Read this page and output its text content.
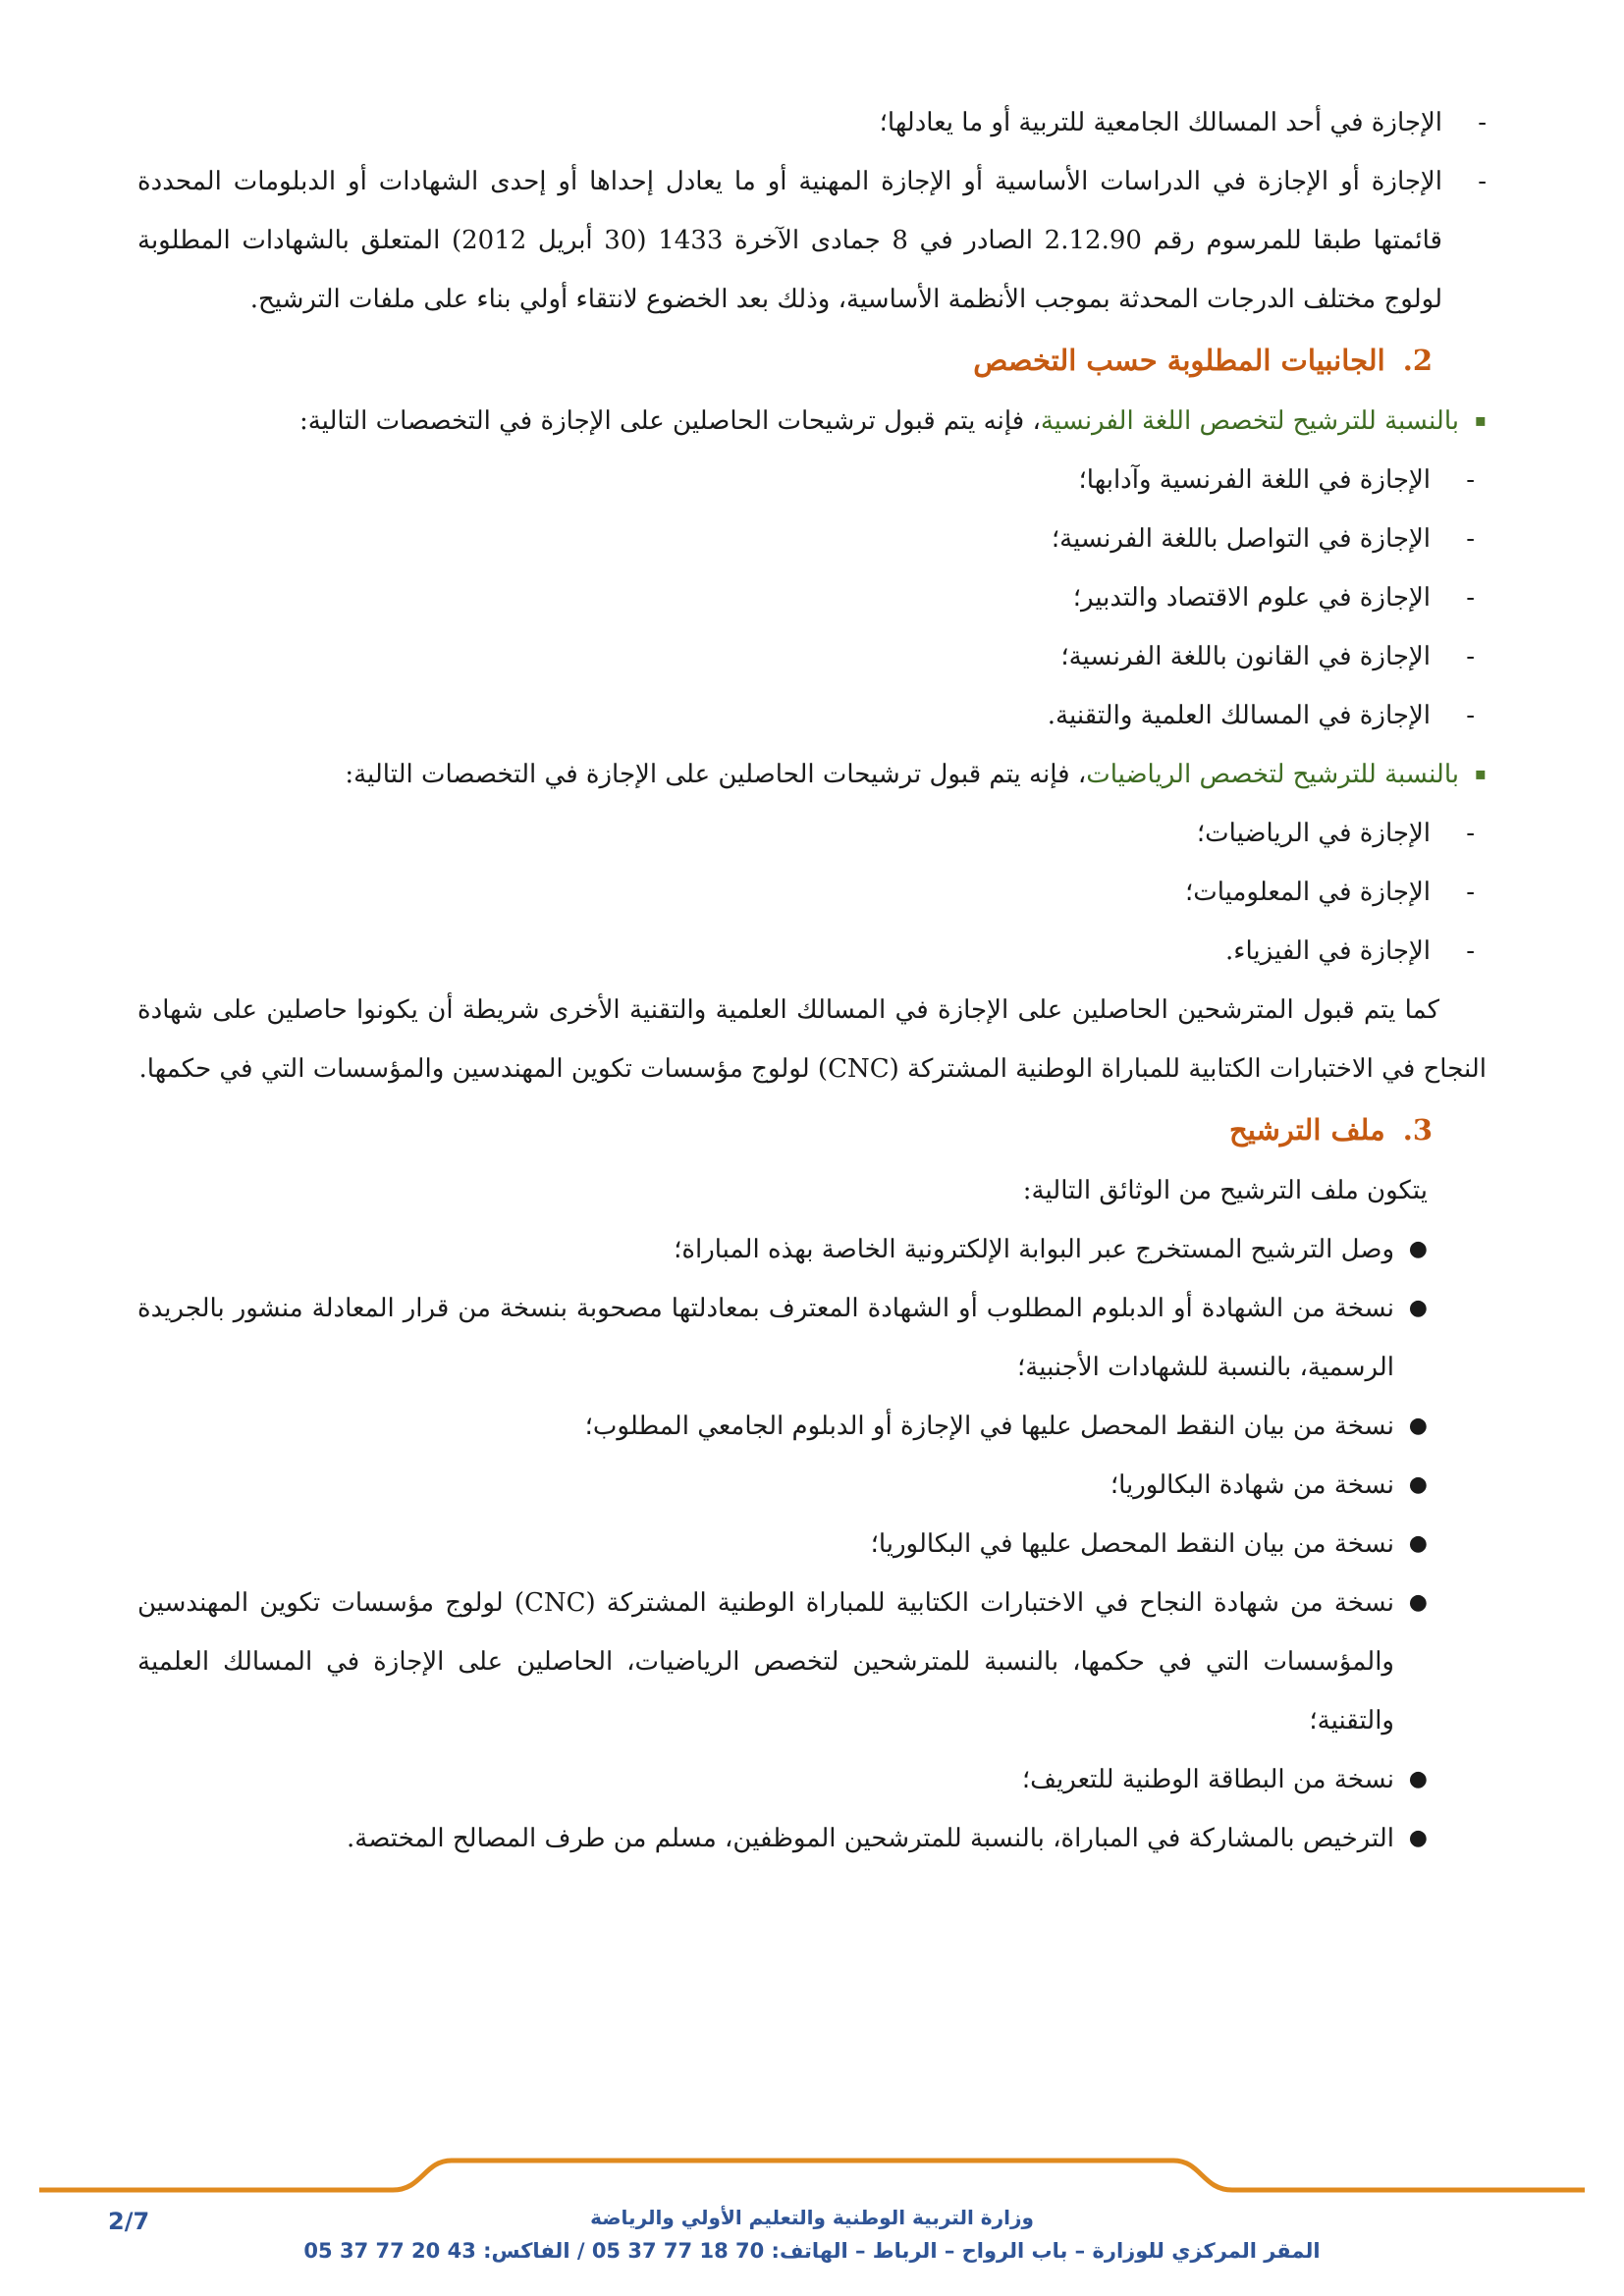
-
الإجازة في أحد المسالك الجامعية للتربية أو ما يعادلها؛
-
الإجازة أو الإجازة في الدراسات الأساسية أو الإجازة المهنية أو ما يعادل إحداها أو إحدى الشهادات أو الدبلومات المحددة قائمتها طبقا للمرسوم رقم 2.12.90 الصادر في 8 جمادى الآخرة 1433 (30 أبريل 2012) المتعلق بالشهادات المطلوبة لولوج مختلف الدرجات المحدثة بموجب الأنظمة الأساسية، وذلك بعد الخضوع لانتقاء أولي بناء على ملفات الترشيح.
2.الجانبيات المطلوبة حسب التخصص
▪
بالنسبة للترشيح لتخصص اللغة الفرنسية، فإنه يتم قبول ترشيحات الحاصلين على الإجازة في التخصصات التالية:
-
الإجازة في اللغة الفرنسية وآدابها؛
-
الإجازة في التواصل باللغة الفرنسية؛
-
الإجازة في علوم الاقتصاد والتدبير؛
-
الإجازة في القانون باللغة الفرنسية؛
-
الإجازة في المسالك العلمية والتقنية.
▪
بالنسبة للترشيح لتخصص الرياضيات، فإنه يتم قبول ترشيحات الحاصلين على الإجازة في التخصصات التالية:
-
الإجازة في الرياضيات؛
-
الإجازة في المعلوميات؛
-
الإجازة في الفيزياء.
كما يتم قبول المترشحين الحاصلين على الإجازة في المسالك العلمية والتقنية الأخرى شريطة أن يكونوا حاصلين على شهادة النجاح في الاختبارات الكتابية للمباراة الوطنية المشتركة (CNC) لولوج مؤسسات تكوين المهندسين والمؤسسات التي في حكمها.
3.ملف الترشيح
يتكون ملف الترشيح من الوثائق التالية:
●
وصل الترشيح المستخرج عبر البوابة الإلكترونية الخاصة بهذه المباراة؛
●
نسخة من الشهادة أو الدبلوم المطلوب أو الشهادة المعترف بمعادلتها مصحوبة بنسخة من قرار المعادلة منشور بالجريدة الرسمية، بالنسبة للشهادات الأجنبية؛
●
نسخة من بيان النقط المحصل عليها في الإجازة أو الدبلوم الجامعي المطلوب؛
●
نسخة من شهادة البكالوريا؛
●
نسخة من بيان النقط المحصل عليها في البكالوريا؛
●
نسخة من شهادة النجاح في الاختبارات الكتابية للمباراة الوطنية المشتركة (CNC) لولوج مؤسسات تكوين المهندسين والمؤسسات التي في حكمها، بالنسبة للمترشحين لتخصص الرياضيات، الحاصلين على الإجازة في المسالك العلمية والتقنية؛
●
نسخة من البطاقة الوطنية للتعريف؛
●
الترخيص بالمشاركة في المباراة، بالنسبة للمترشحين الموظفين، مسلم من طرف المصالح المختصة.
وزارة التربية الوطنية والتعليم الأولي والرياضة
المقر المركزي للوزارة – باب الرواح – الرباط – الهاتف: 70 18 77 37 05 / الفاكس: 43 20 77 37 05
2/7
